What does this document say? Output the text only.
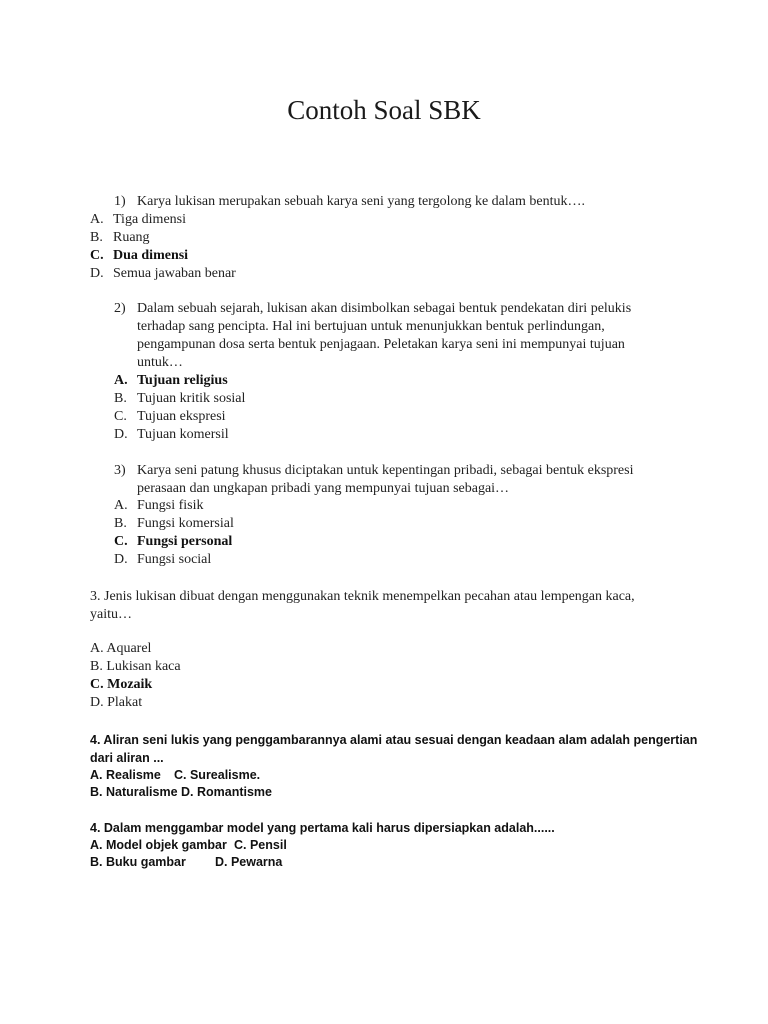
Contoh Soal SBK
1) Karya lukisan merupakan sebuah karya seni yang tergolong ke dalam bentuk….
A. Tiga dimensi
B. Ruang
C. Dua dimensi
D. Semua jawaban benar
2) Dalam sebuah sejarah, lukisan akan disimbolkan sebagai bentuk pendekatan diri pelukis
terhadap sang pencipta. Hal ini bertujuan untuk menunjukkan bentuk perlindungan,
pengampunan dosa serta bentuk penjagaan. Peletakan karya seni ini mempunyai tujuan
untuk…
A. Tujuan religius
B. Tujuan kritik sosial
C. Tujuan ekspresi
D. Tujuan komersil
3) Karya seni patung khusus diciptakan untuk kepentingan pribadi, sebagai bentuk ekspresi
perasaan dan ungkapan pribadi yang mempunyai tujuan sebagai…
A. Fungsi fisik
B. Fungsi komersial
C. Fungsi personal
D. Fungsi social
3. Jenis lukisan dibuat dengan menggunakan teknik menempelkan pecahan atau lempengan kaca,
yaitu…
A. Aquarel
B. Lukisan kaca
C. Mozaik
D. Plakat
4. Aliran seni lukis yang penggambarannya alami atau sesuai dengan keadaan alam adalah pengertian
dari aliran ...
A. Realisme C. Surealisme.
B. Naturalisme D. Romantisme
4. Dalam menggambar model yang pertama kali harus dipersiapkan adalah......
A. Model objek gambar C. Pensil
B. Buku gambar D. Pewarna
